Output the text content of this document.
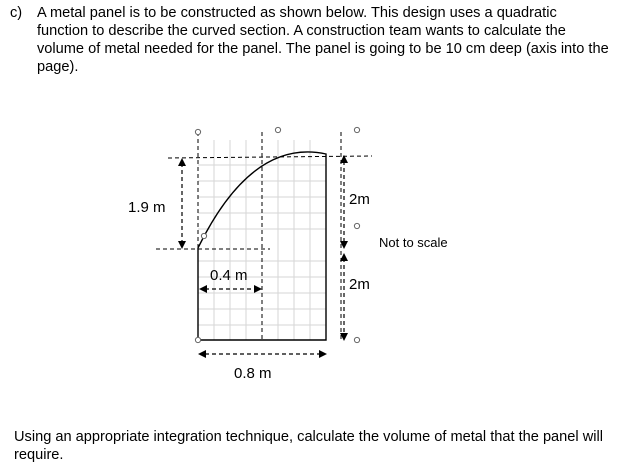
c) A metal panel is to be constructed as shown below. This design uses a quadratic function to describe the curved section. A construction team wants to calculate the volume of metal needed for the panel. The panel is going to be 10 cm deep (axis into the page).
1.9 m	2m
2m
Not to scale
0.4 m
0.8 m
Using an appropriate integration technique, calculate the volume of metal that the panel will require.
